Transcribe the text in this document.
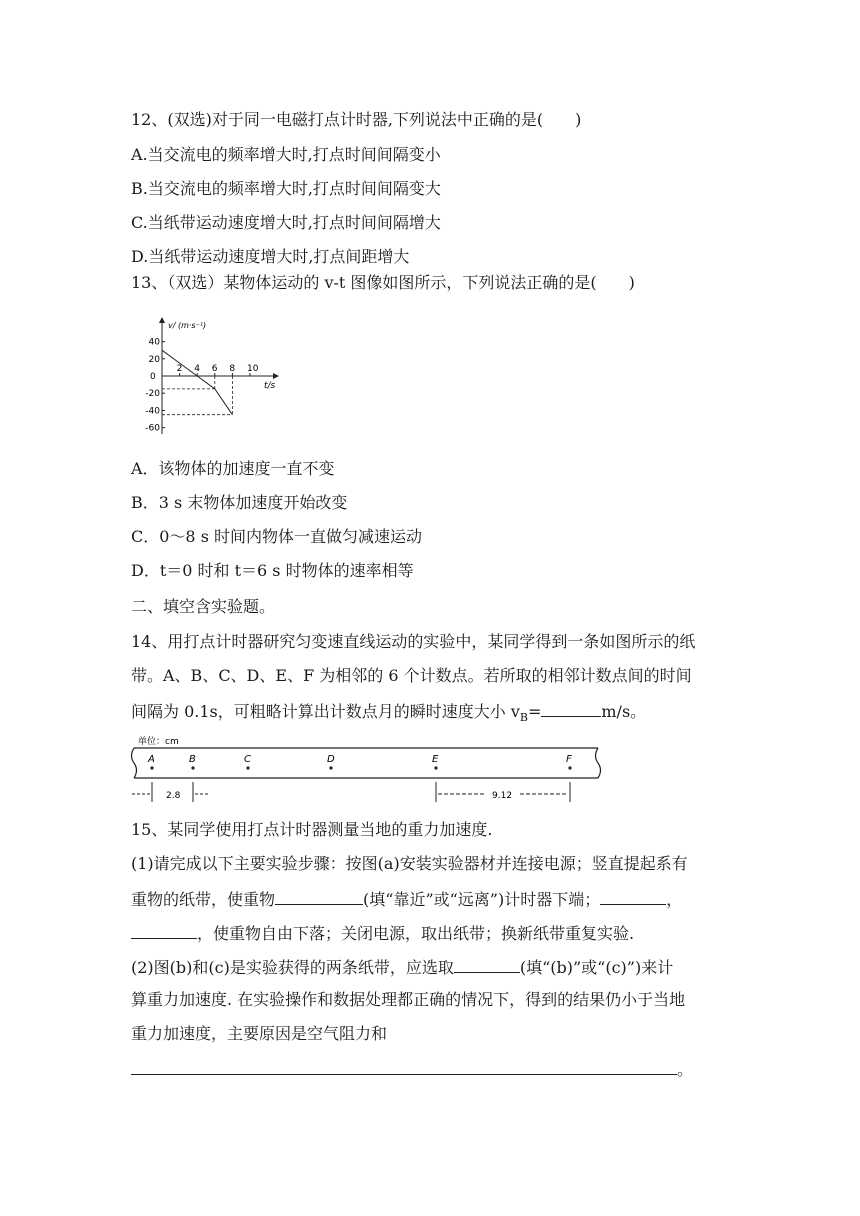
12、(双选)对于同一电磁打点计时器,下列说法中正确的是(　　)
A.当交流电的频率增大时,打点时间间隔变小
B.当交流电的频率增大时,打点时间间隔变大
C.当纸带运动速度增大时,打点时间间隔增大
D.当纸带运动速度增大时,打点间距增大
13、（双选）某物体运动的 v-t 图像如图所示，下列说法正确的是(　　)
v/ (m·s⁻¹)
t/s
0
2 4 6 8 10
40
20
-20
-40
-60
A．该物体的加速度一直不变
B．3 s 末物体加速度开始改变
C．0～8 s 时间内物体一直做匀减速运动
D．t＝0 时和 t＝6 s 时物体的速率相等
二、填空含实验题。
14、用打点计时器研究匀变速直线运动的实验中，某同学得到一条如图所示的纸
带。A、B、C、D、E、F 为相邻的 6 个计数点。若所取的相邻计数点间的时间
间隔为 0.1s，可粗略计算出计数点月的瞬时速度大小 $v_B=$	m/s。
单位：cm
A	B	C	D	E	F
2.8	9.12
15、某同学使用打点计时器测量当地的重力加速度.
(1)请完成以下主要实验步骤：按图(a)安装实验器材并连接电源；竖直提起系有
重物的纸带，使重物	(填“靠近”或“远离”)计时器下端；	，
，使重物自由下落；关闭电源，取出纸带；换新纸带重复实验.
(2)图(b)和(c)是实验获得的两条纸带，应选取	(填“(b)”或“(c)”)来计
算重力加速度. 在实验操作和数据处理都正确的情况下，得到的结果仍小于当地
重力加速度，主要原因是空气阻力和
。
